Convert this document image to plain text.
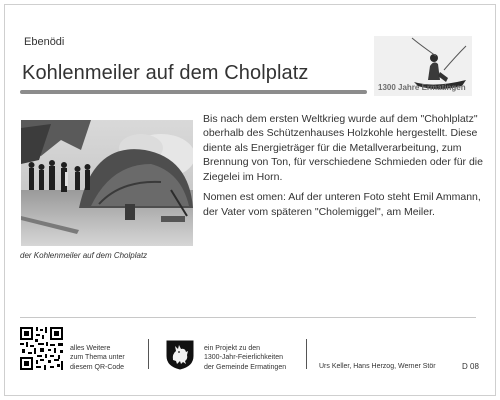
Ebenödi
Kohlenmeiler auf dem Cholplatz
1300 Jahre Ermatingen
der Kohlenmeiler auf dem Cholplatz

Bis nach dem ersten Weltkrieg wurde auf dem "Chohlplatz" oberhalb des Schützenhauses Holzkohle hergestellt. Diese diente als Energieträger für die Metallverarbeitung, zum Brennung von Ton, für verschiedene Schmieden oder für die Ziegelei im Horn.

Nomen est omen: Auf der unteren Foto steht Emil Ammann, der Vater vom späteren "Cholemiggel", am Meiler.

alles Weitere
zum Thema unter
diesem QR-Code
ein Projekt zu den
1300-Jahr-Feierlichkeiten
der Gemeinde Ermatingen	Urs Keller, Hans Herzog, Werner Stör	D 08
